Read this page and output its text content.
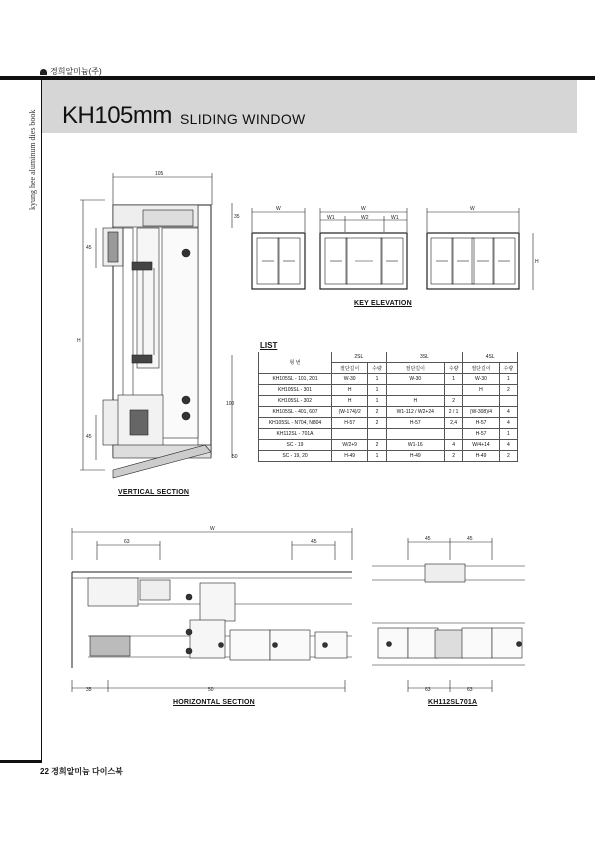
경희알미늄(주)
kyung hee aluminum dies book KH105mm SLIDING WINDOW
105
35
45
H
45
100
50
VERTICAL SECTION
W	W
W1	W2	W1
W
H
KEY ELEVATION
LIST
형 번	2SL		3SL		4SL	
	절단길이	수량	절단길이	수량	절단길이	수량
KH105SL - 101, 201	W-30	1	W-30	1	W-30	1
KH105SL - 301	H	1			H	2
KH105SL - 302	H	1	H	2		
KH105SL - 401, 607	(W-174)/2	2	W1-112 / W2+24	2 / 1	(W-308)/4	4
KH105SL - N704, N804	H-57	2	H-57	2,4	H-57	4
KH112SL - 701A					H-57	1
SC - 19	W/2+9	2	W1-16	4	W/4+14	4
SC - 19, 20	H-49	1	H-49	2	H-49	2
W
63	45
35	50
HORIZONTAL SECTION
45	45
63	63
KH112SL701A
22 경희알미늄 다이스북
